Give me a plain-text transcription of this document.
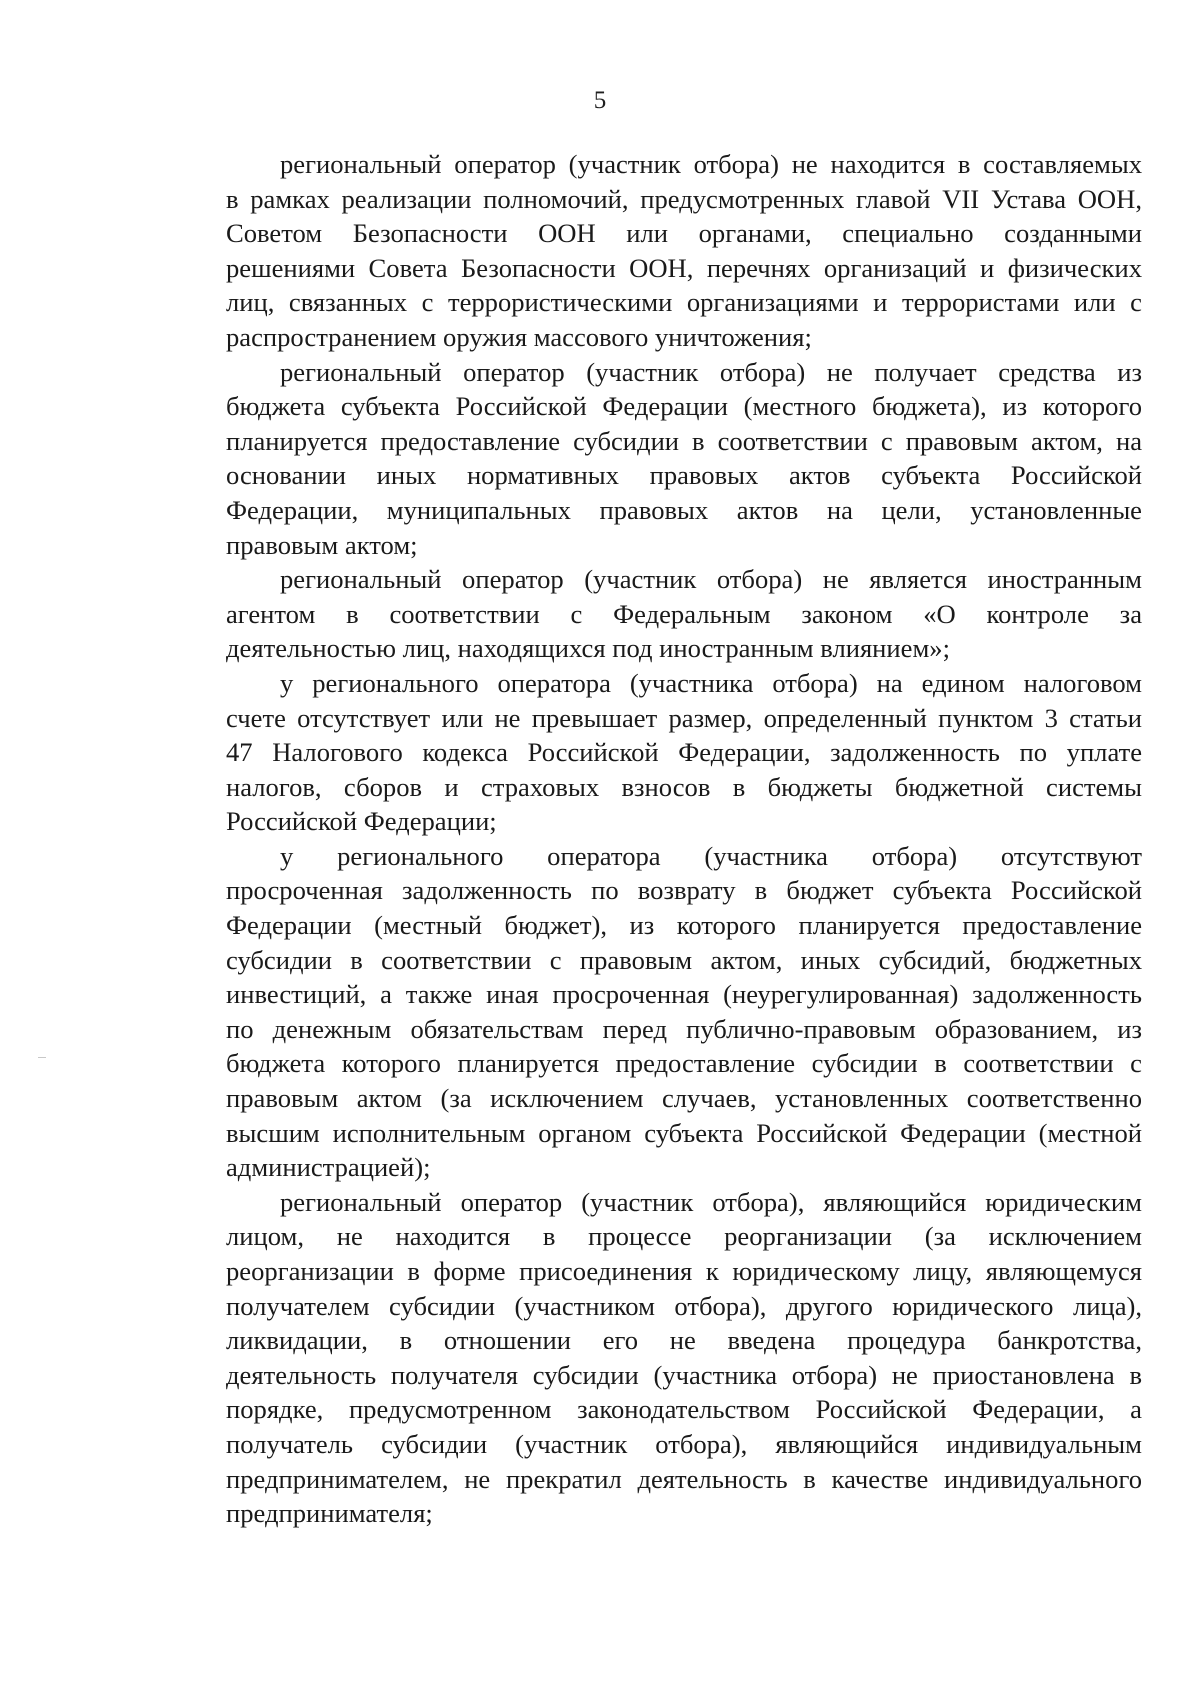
5
региональный оператор (участник отбора) не находится в составляемых
в рамках реализации полномочий, предусмотренных главой VII Устава ООН,
Советом Безопасности ООН или органами, специально созданными
решениями Совета Безопасности ООН, перечнях организаций и физических
лиц, связанных с террористическими организациями и террористами или с
распространением оружия массового уничтожения;
региональный оператор (участник отбора) не получает средства из
бюджета субъекта Российской Федерации (местного бюджета), из которого
планируется предоставление субсидии в соответствии с правовым актом, на
основании иных нормативных правовых актов субъекта Российской
Федерации, муниципальных правовых актов на цели, установленные
правовым актом;
региональный оператор (участник отбора) не является иностранным
агентом в соответствии с Федеральным законом «О контроле за
деятельностью лиц, находящихся под иностранным влиянием»;
у регионального оператора (участника отбора) на едином налоговом
счете отсутствует или не превышает размер, определенный пунктом 3 статьи
47 Налогового кодекса Российской Федерации, задолженность по уплате
налогов, сборов и страховых взносов в бюджеты бюджетной системы
Российской Федерации;
у регионального оператора (участника отбора) отсутствуют
просроченная задолженность по возврату в бюджет субъекта Российской
Федерации (местный бюджет), из которого планируется предоставление
субсидии в соответствии с правовым актом, иных субсидий, бюджетных
инвестиций, а также иная просроченная (неурегулированная) задолженность
по денежным обязательствам перед публично-правовым образованием, из
бюджета которого планируется предоставление субсидии в соответствии с
правовым актом (за исключением случаев, установленных соответственно
высшим исполнительным органом субъекта Российской Федерации (местной
администрацией);
региональный оператор (участник отбора), являющийся юридическим
лицом, не находится в процессе реорганизации (за исключением
реорганизации в форме присоединения к юридическому лицу, являющемуся
получателем субсидии (участником отбора), другого юридического лица),
ликвидации, в отношении его не введена процедура банкротства,
деятельность получателя субсидии (участника отбора) не приостановлена в
порядке, предусмотренном законодательством Российской Федерации, а
получатель субсидии (участник отбора), являющийся индивидуальным
предпринимателем, не прекратил деятельность в качестве индивидуального
предпринимателя;
